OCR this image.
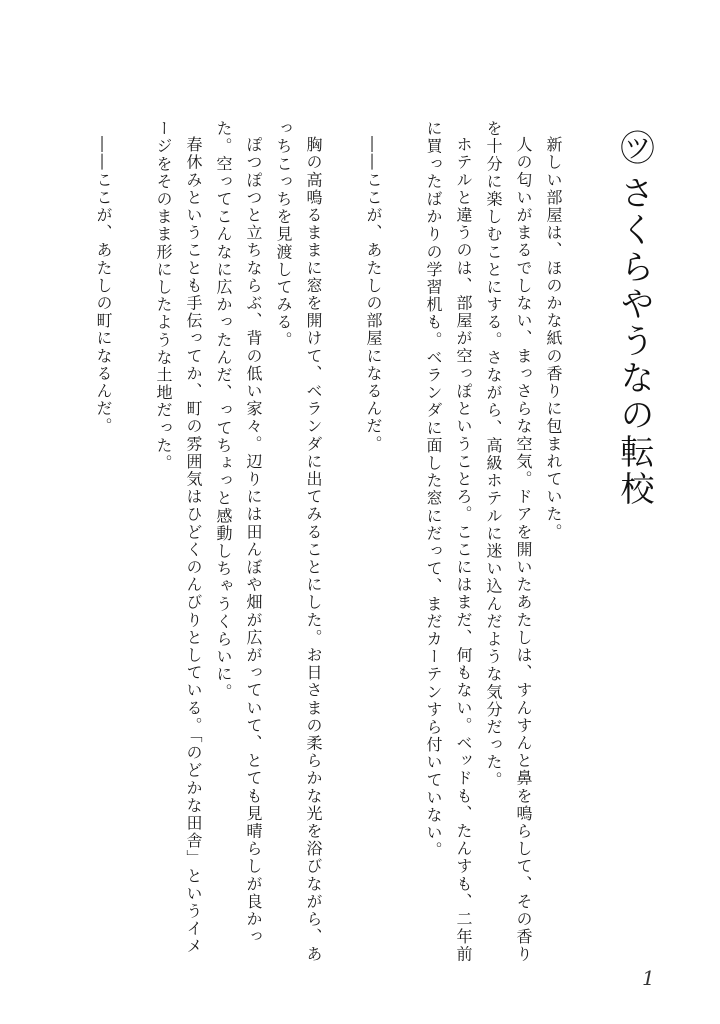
㋡さくらやうなの転校

新しい部屋は、ほのかな紙の香りに包まれていた。

人の匂いがまるでしない、まっさらな空気。ドアを開いたあたしは、すんすんと鼻を鳴らして、その香りを十分に楽しむことにする。さながら、高級ホテルに迷い込んだような気分だった。

ホテルと違うのは、部屋が空っぽということろ。ここにはまだ、何もない。ベッドも、たんすも、二年前に買ったばかりの学習机も。ベランダに面した窓にだって、まだカーテンすら付いていない。

――ここが、あたしの部屋になるんだ。

胸の高鳴るままに窓を開けて、ベランダに出てみることにした。お日さまの柔らかな光を浴びながら、あっちこっちを見渡してみる。

ぽつぽつと立ちならぶ、背の低い家々。辺りには田んぼや畑が広がっていて、とても見晴らしが良かった。空ってこんなに広かったんだ、ってちょっと感動しちゃうくらいに。

春休みということも手伝ってか、町の雰囲気はひどくのんびりとしている。「のどかな田舎」というイメージをそのまま形にしたような土地だった。

――ここが、あたしの町になるんだ。

1
